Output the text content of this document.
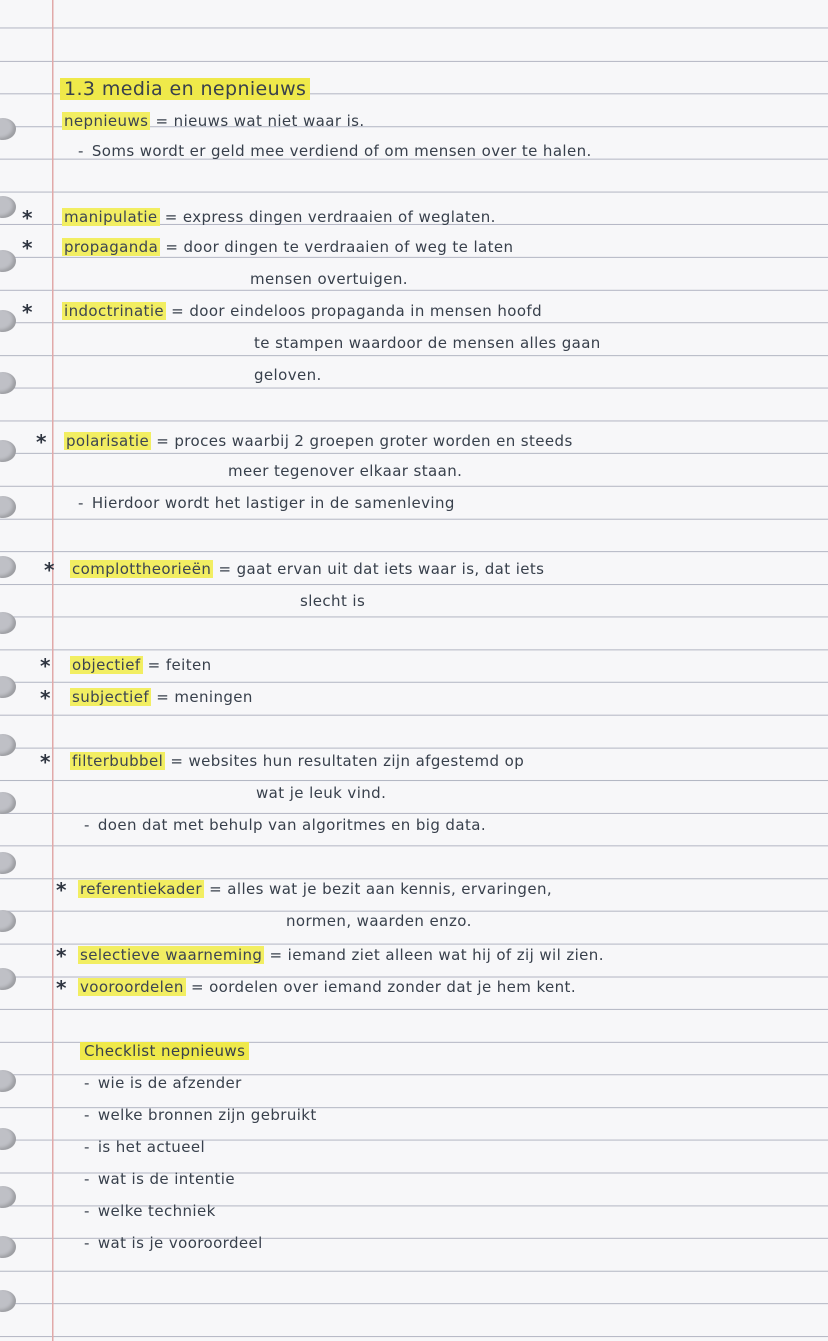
1.3 media en nepnieuws
nepnieuws = nieuws wat niet waar is.
- Soms wordt er geld mee verdiend of om mensen over te halen.
* manipulatie = express dingen verdraaien of weglaten.
* propaganda = door dingen te verdraaien of weg te laten
mensen overtuigen.
* indoctrinatie = door eindeloos propaganda in mensen hoofd
te stampen waardoor de mensen alles gaan
geloven.
* polarisatie = proces waarbij 2 groepen groter worden en steeds
meer tegenover elkaar staan.
- Hierdoor wordt het lastiger in de samenleving
* complottheorieën = gaat ervan uit dat iets waar is, dat iets
slecht is
* objectief = feiten
* subjectief = meningen
* filterbubbel = websites hun resultaten zijn afgestemd op
wat je leuk vind.
- doen dat met behulp van algoritmes en big data.
* referentiekader = alles wat je bezit aan kennis, ervaringen,
normen, waarden enzo.
* selectieve waarneming = iemand ziet alleen wat hij of zij wil zien.
* vooroordelen = oordelen over iemand zonder dat je hem kent.
Checklist nepnieuws
- wie is de afzender
- welke bronnen zijn gebruikt
- is het actueel
- wat is de intentie
- welke techniek
- wat is je vooroordeel
